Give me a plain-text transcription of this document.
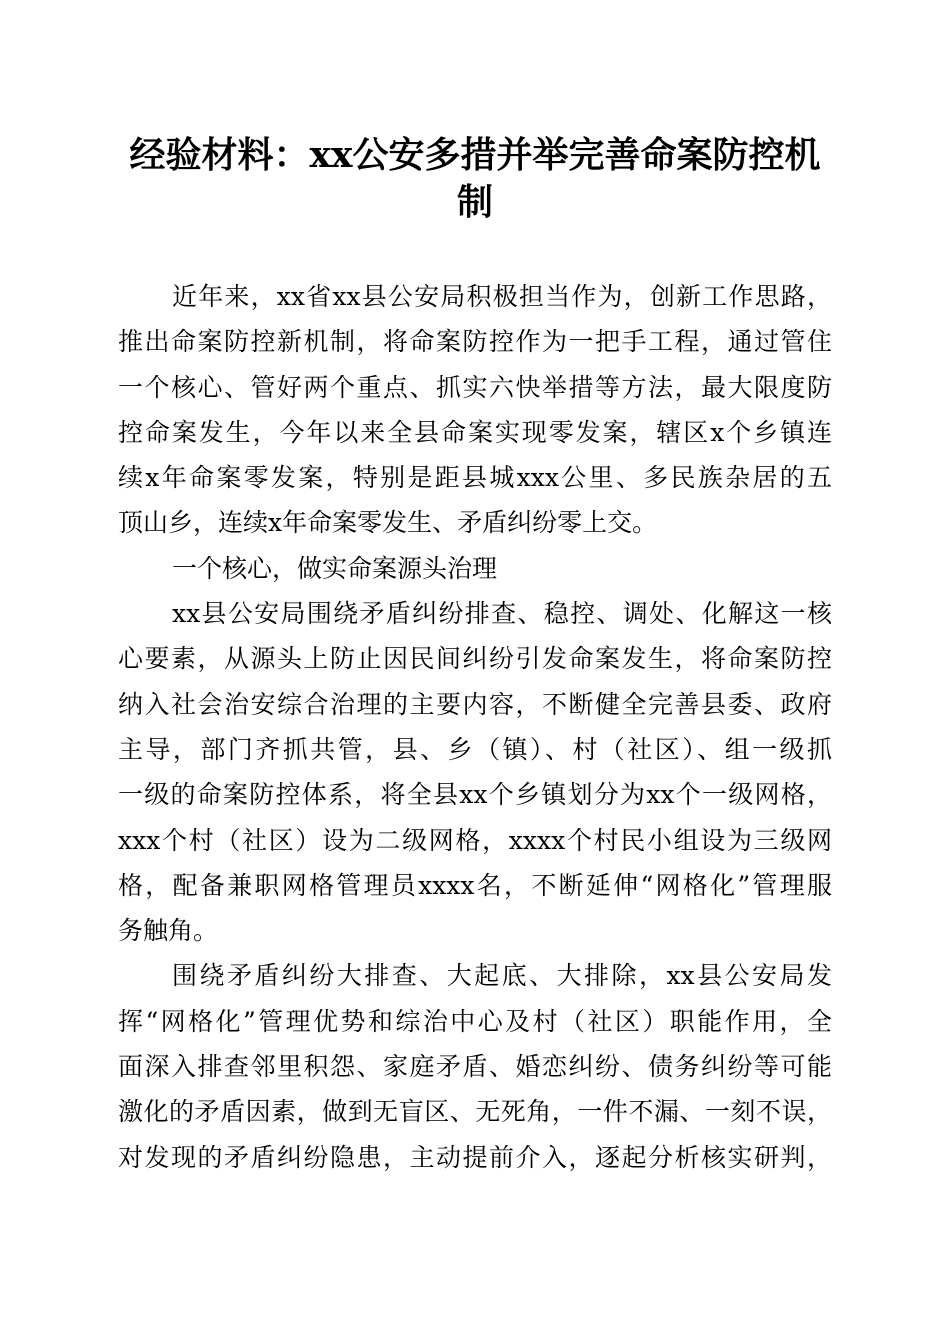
经验材料：xx公安多措并举完善命案防控机
制
近年来，xx省xx县公安局积极担当作为，创新工作思路，
推出命案防控新机制，将命案防控作为一把手工程，通过管住
一个核心、管好两个重点、抓实六快举措等方法，最大限度防
控命案发生，今年以来全县命案实现零发案，辖区x个乡镇连
续x年命案零发案，特别是距县城xxx公里、多民族杂居的五
顶山乡，连续x年命案零发生、矛盾纠纷零上交。
一个核心，做实命案源头治理
xx县公安局围绕矛盾纠纷排查、稳控、调处、化解这一核
心要素，从源头上防止因民间纠纷引发命案发生，将命案防控
纳入社会治安综合治理的主要内容，不断健全完善县委、政府
主导，部门齐抓共管，县、乡（镇）、村（社区）、组一级抓
一级的命案防控体系，将全县xx个乡镇划分为xx个一级网格，
xxx个村（社区）设为二级网格，xxxx个村民小组设为三级网
格，配备兼职网格管理员xxxx名，不断延伸“网格化”管理服
务触角。
围绕矛盾纠纷大排查、大起底、大排除，xx县公安局发
挥“网格化”管理优势和综治中心及村（社区）职能作用，全
面深入排查邻里积怨、家庭矛盾、婚恋纠纷、债务纠纷等可能
激化的矛盾因素，做到无盲区、无死角，一件不漏、一刻不误，
对发现的矛盾纠纷隐患，主动提前介入，逐起分析核实研判，
